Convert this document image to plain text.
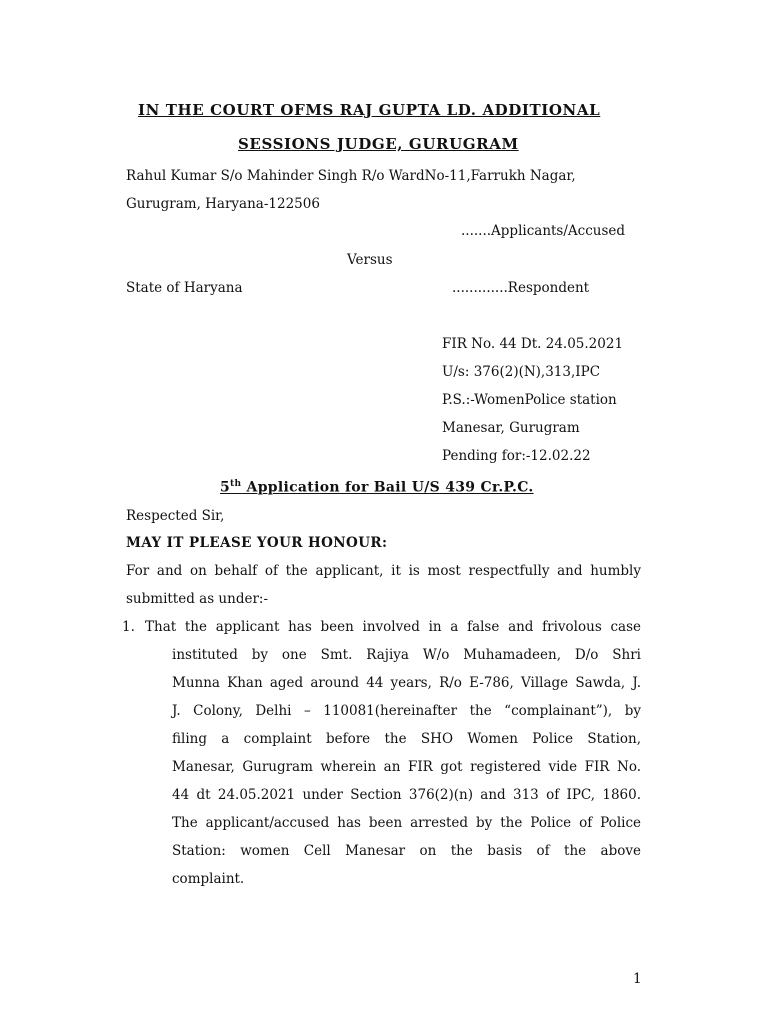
IN THE COURT OFMS RAJ GUPTA LD. ADDITIONAL
SESSIONS JUDGE, GURUGRAM
Rahul Kumar S/o Mahinder Singh R/o WardNo-11,Farrukh Nagar,
Gurugram, Haryana-122506
.......Applicants/Accused
Versus
State of Haryana	.............Respondent
FIR No. 44 Dt. 24.05.2021
U/s: 376(2)(N),313,IPC
P.S.:-WomenPolice station
Manesar, Gurugram
Pending for:-12.02.22
5th Application for Bail U/S 439 Cr.P.C.
Respected Sir,
MAY IT PLEASE YOUR HONOUR:
For and on behalf of the applicant, it is most respectfully and humbly
submitted as under:-
1. That the applicant has been involved in a false and frivolous case
instituted by one Smt. Rajiya W/o Muhamadeen, D/o Shri
Munna Khan aged around 44 years, R/o E-786, Village Sawda, J.
J. Colony, Delhi – 110081(hereinafter the “complainant”), by
filing a complaint before the SHO Women Police Station,
Manesar, Gurugram wherein an FIR got registered vide FIR No.
44 dt 24.05.2021 under Section 376(2)(n) and 313 of IPC, 1860.
The applicant/accused has been arrested by the Police of Police
Station: women Cell Manesar on the basis of the above
complaint.
1
